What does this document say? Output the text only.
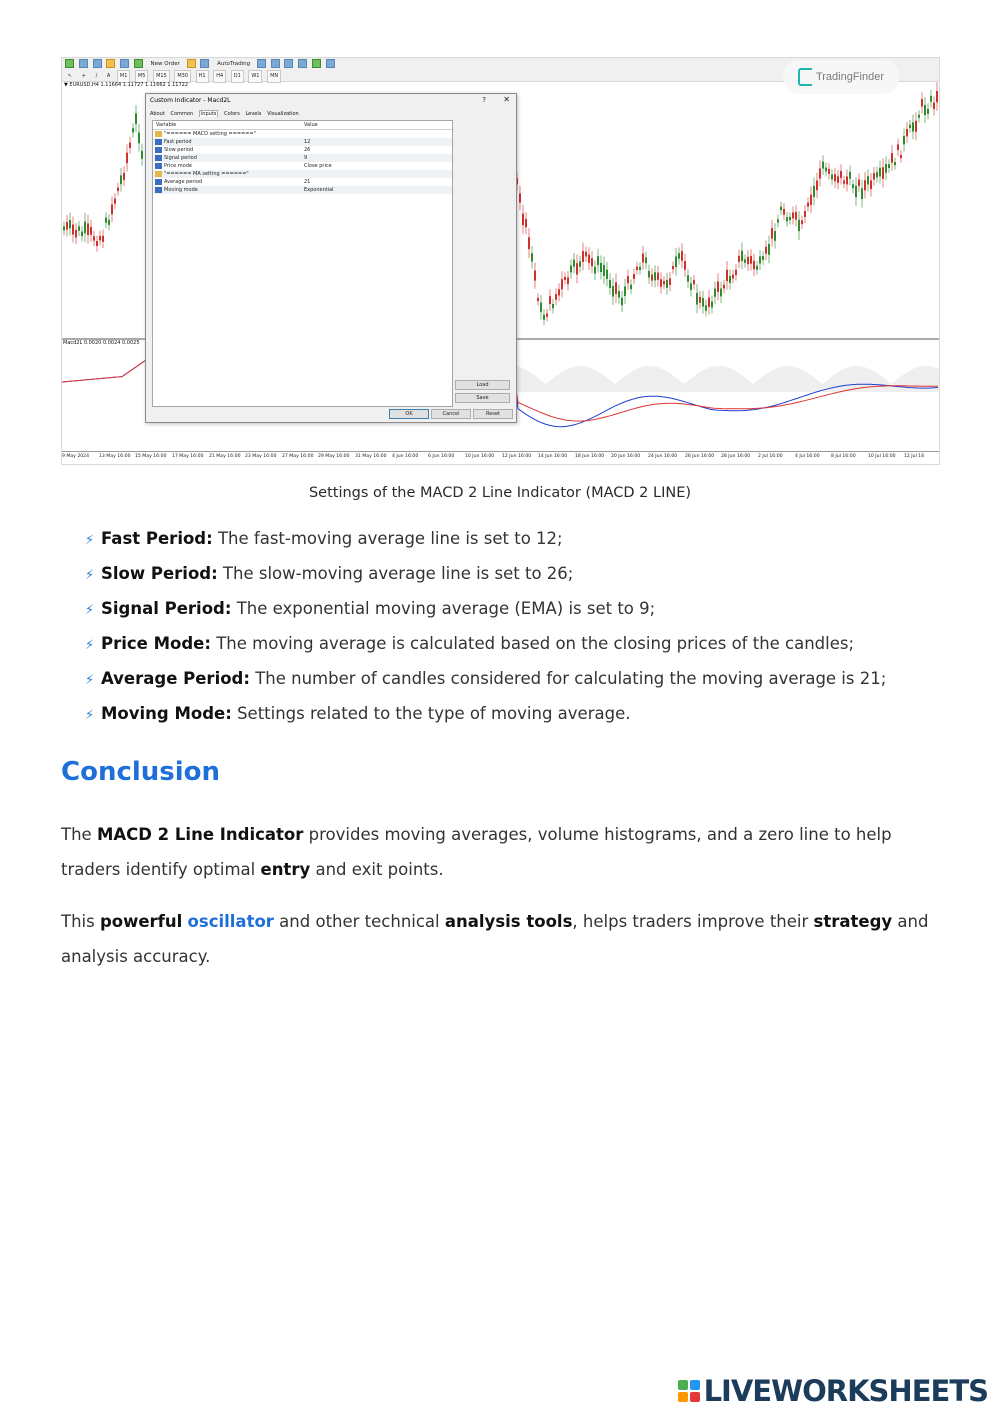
New Order	AutoTrading
↖ + / A M1 M5 M15 M30 H1 H4 D1 W1 MN
▼ EURUSD,H4 1.11664 1.11727 1.11662 1.11722
TradingFinder
Macd2L 0.0020 0.0024 0.0025
9 May 2024 13 May 16:00 15 May 16:00 17 May 16:00 21 May 16:00 23 May 16:00 27 May 16:00 29 May 16:00 31 May 16:00 4 Jun 16:00 6 Jun 16:00 10 Jun 16:00 12 Jun 16:00 14 Jun 16:00 18 Jun 16:00 20 Jun 16:00 24 Jun 16:00 26 Jun 16:00 28 Jun 16:00 2 Jul 16:00	4 Jul 16:00 8 Jul 16:00	10 Jul 16:00 12 Jul 16
Custom Indicator - Macd2L	? ✕
About Common Inputs Colors Levels Visualization
Variable	Value
"====== MACD setting ======"
Fast period	12
Slow period	26
Signal period	9
Price mode	Close price
"====== MA setting ======"
Average period	21
Moving mode	Exponential
Load
Save
OK	Cancel	Reset
Settings of the MACD 2 Line Indicator (MACD 2 LINE)
⚡ Fast Period: The fast-moving average line is set to 12;
⚡ Slow Period: The slow-moving average line is set to 26;
⚡ Signal Period: The exponential moving average (EMA) is set to 9;
⚡ Price Mode: The moving average is calculated based on the closing prices of the candles;
⚡ Average Period: The number of candles considered for calculating the moving average is 21;
⚡ Moving Mode: Settings related to the type of moving average.
Conclusion

The MACD 2 Line Indicator provides moving averages, volume histograms, and a zero line to help traders identify optimal entry and exit points.

This powerful oscillator and other technical analysis tools, helps traders improve their strategy and analysis accuracy.

LIVEWORKSHEETS
